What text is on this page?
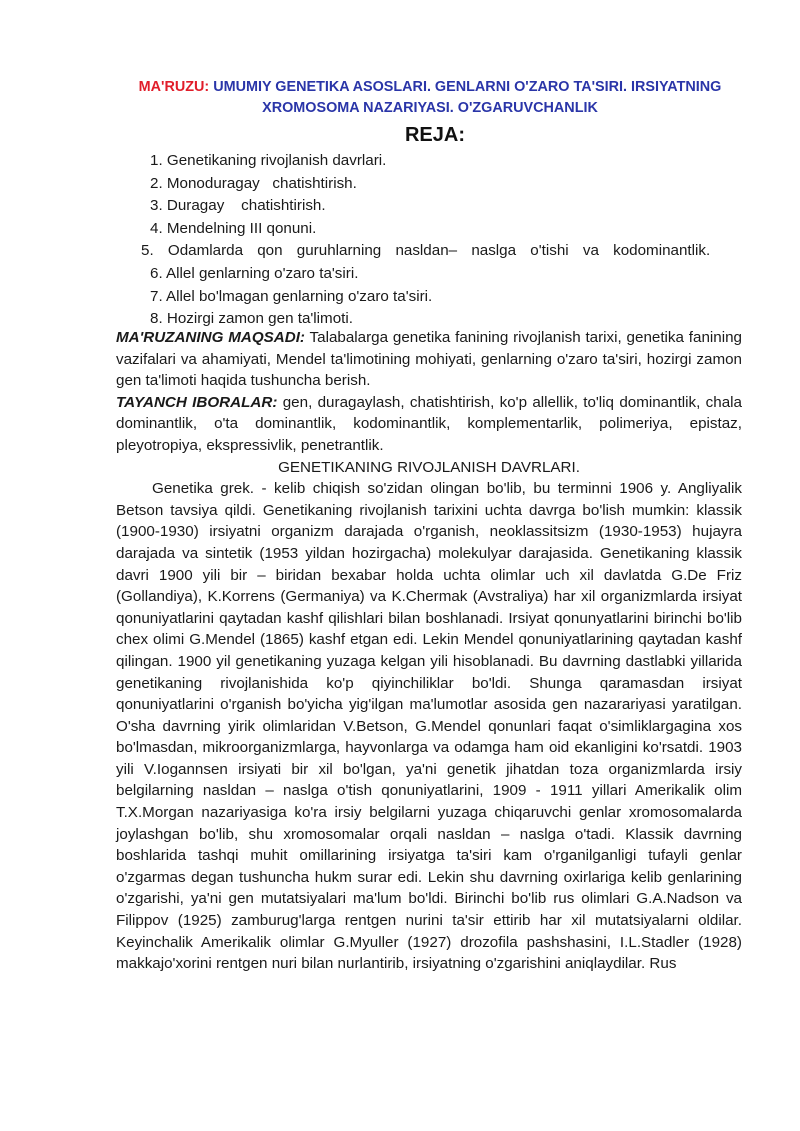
MA'RUZU: UMUMIY GENETIKA ASOSLARI. GENLARNI O'ZARO TA'SIRI. IRSIYATNING XROMOSOMA NAZARIYASI. O'ZGARUVCHANLIK
REJA:
1. Genetikaning rivojlanish davrlari.
2. Monoduragay   chatishtirish.
3. Duragay    chatishtirish.
4. Mendelning III qonuni.
5. Odamlarda qon guruhlarning nasldan– naslga o'tishi va kodominantlik.
6. Allel genlarning o'zaro ta'siri.
7. Allel bo'lmagan genlarning o'zaro ta'siri.
8. Hozirgi zamon gen ta'limoti.

MA'RUZANING MAQSADI: Talabalarga genetika fanining rivojlanish tarixi, genetika fanining vazifalari va ahamiyati, Mendel ta'limotining mohiyati, genlarning o'zaro ta'siri, hozirgi zamon gen ta'limoti haqida tushuncha berish.

TAYANCH IBORALAR: gen, duragaylash, chatishtirish, ko'p allellik, to'liq dominantlik, chala dominantlik, o'ta dominantlik, kodominantlik, komplementarlik, polimeriya, epistaz, pleyotropiya, ekspressivlik, penetrantlik.

GENETIKANING RIVOJLANISH DAVRLARI.

Genetika grek. - kelib chiqish so'zidan olingan bo'lib, bu terminni 1906 y. Angliyalik Betson tavsiya qildi. Genetikaning rivojlanish tarixini uchta davrga bo'lish mumkin: klassik (1900-1930) irsiyatni organizm darajada o'rganish, neoklassitsizm (1930-1953) hujayra darajada va sintetik (1953 yildan hozirgacha) molekulyar darajasida. Genetikaning klassik davri 1900 yili bir – biridan bexabar holda uchta olimlar uch xil davlatda G.De Friz (Gollandiya), K.Korrens (Germaniya) va K.Chermak (Avstraliya) har xil organizmlarda irsiyat qonuniyatlarini qaytadan kashf qilishlari bilan boshlanadi. Irsiyat qonunyatlarini birinchi bo'lib chex olimi G.Mendel (1865) kashf etgan edi. Lekin Mendel qonuniyatlarining qaytadan kashf qilingan. 1900 yil genetikaning yuzaga kelgan yili hisoblanadi. Bu davrning dastlabki yillarida genetikaning rivojlanishida ko'p qiyinchiliklar bo'ldi. Shunga qaramasdan irsiyat qonuniyatlarini o'rganish bo'yicha yig'ilgan ma'lumotlar asosida gen nazarariyasi yaratilgan. O'sha davrning yirik olimlaridan V.Betson, G.Mendel qonunlari faqat o'simliklargagina xos bo'lmasdan, mikroorganizmlarga, hayvonlarga va odamga ham oid ekanligini ko'rsatdi. 1903 yili V.Iogannsen irsiyati bir xil bo'lgan, ya'ni genetik jihatdan toza organizmlarda irsiy belgilarning nasldan – naslga o'tish qonuniyatlarini, 1909 - 1911 yillari Amerikalik olim T.X.Morgan nazariyasiga ko'ra irsiy belgilarni yuzaga chiqaruvchi genlar xromosomalarda joylashgan bo'lib, shu xromosomalar orqali nasldan – naslga o'tadi. Klassik davrning boshlarida tashqi muhit omillarining irsiyatga ta'siri kam o'rganilganligi tufayli genlar o'zgarmas degan tushuncha hukm surar edi. Lekin shu davrning oxirlariga kelib genlarining o'zgarishi, ya'ni gen mutatsiyalari ma'lum bo'ldi. Birinchi bo'lib rus olimlari G.A.Nadson va Filippov (1925) zamburug'larga rentgen nurini ta'sir ettirib har xil mutatsiyalarni oldilar. Keyinchalik Amerikalik olimlar G.Myuller (1927) drozofila pashshasini, I.L.Stadler (1928) makkajo'xorini rentgen nuri bilan nurlantirib, irsiyatning o'zgarishini aniqlaydilar. Rus
